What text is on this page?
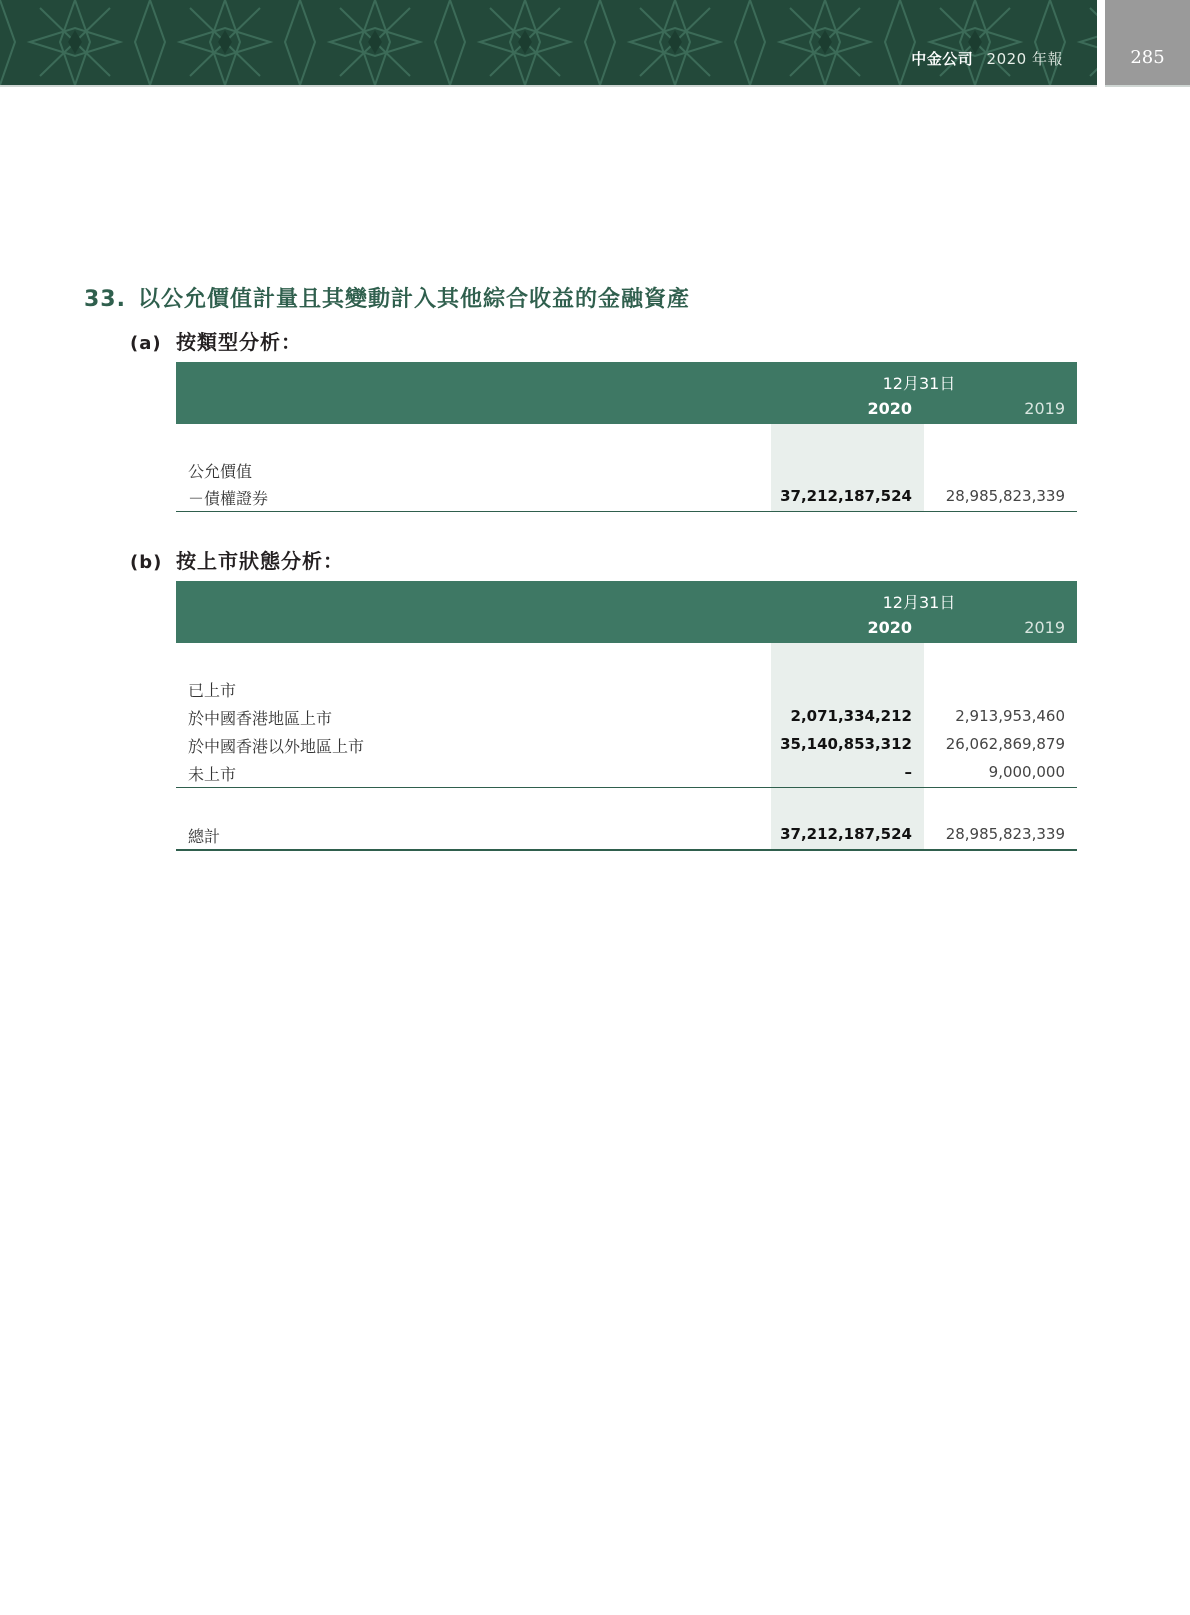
中金公司 2020 年報	285
33. 以公允價值計量且其變動計入其他綜合收益的金融資產
(a) 按類型分析：
12月31日
2020	2019
公允價值
－債權證券	37,212,187,524 28,985,823,339
(b) 按上市狀態分析：
12月31日
2020	2019
已上市
於中國香港地區上市	2,071,334,212	2,913,953,460
於中國香港以外地區上市	35,140,853,312 26,062,869,879
未上市	–	9,000,000
總計	37,212,187,524 28,985,823,339
